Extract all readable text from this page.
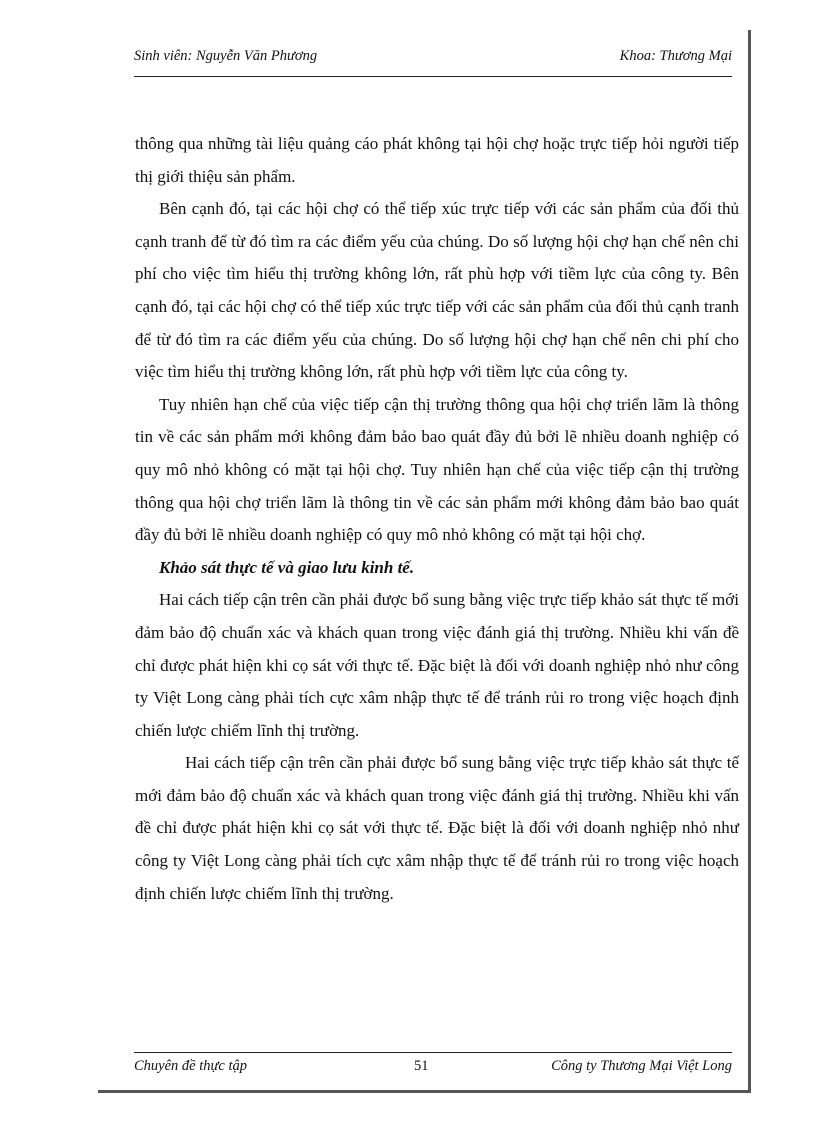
Sinh viên: Nguyễn Văn Phương	Khoa: Thương Mại

thông qua những tài liệu quảng cáo phát không tại hội chợ hoặc trực tiếp hỏi người tiếp thị giới thiệu sản phẩm.

Bên cạnh đó, tại các hội chợ có thể tiếp xúc trực tiếp với các sản phẩm của đối thủ cạnh tranh để từ đó tìm ra các điểm yếu của chúng. Do số lượng hội chợ hạn chế nên chi phí cho việc tìm hiểu thị trường không lớn, rất phù hợp với tiềm lực của công ty. Bên cạnh đó, tại các hội chợ có thể tiếp xúc trực tiếp với các sản phẩm của đối thủ cạnh tranh để từ đó tìm ra các điểm yếu của chúng. Do số lượng hội chợ hạn chế nên chi phí cho việc tìm hiểu thị trường không lớn, rất phù hợp với tiềm lực của công ty.

Tuy nhiên hạn chế của việc tiếp cận thị trường thông qua hội chợ triển lãm là thông tin về các sản phẩm mới không đảm bảo bao quát đầy đủ bởi lẽ nhiều doanh nghiệp có quy mô nhỏ không có mặt tại hội chợ. Tuy nhiên hạn chế của việc tiếp cận thị trường thông qua hội chợ triển lãm là thông tin về các sản phẩm mới không đảm bảo bao quát đầy đủ bởi lẽ nhiều doanh nghiệp có quy mô nhỏ không có mặt tại hội chợ.

Khảo sát thực tế và giao lưu kinh tế.

Hai cách tiếp cận trên cần phải được bổ sung bằng việc trực tiếp khảo sát thực tế mới đảm bảo độ chuẩn xác và khách quan trong việc đánh giá thị trường. Nhiều khi vấn đề chỉ được phát hiện khi cọ sát với thực tế. Đặc biệt là đối với doanh nghiệp nhỏ như công ty Việt Long càng phải tích cực xâm nhập thực tế để tránh rủi ro trong việc hoạch định chiến lược chiếm lĩnh thị trường.

Hai cách tiếp cận trên cần phải được bổ sung bằng việc trực tiếp khảo sát thực tế mới đảm bảo độ chuẩn xác và khách quan trong việc đánh giá thị trường. Nhiều khi vấn đề chỉ được phát hiện khi cọ sát với thực tế. Đặc biệt là đối với doanh nghiệp nhỏ như công ty Việt Long càng phải tích cực xâm nhập thực tế để tránh rủi ro trong việc hoạch định chiến lược chiếm lĩnh thị trường.

Chuyên đề thực tập	51	Công ty Thương Mại Việt Long
